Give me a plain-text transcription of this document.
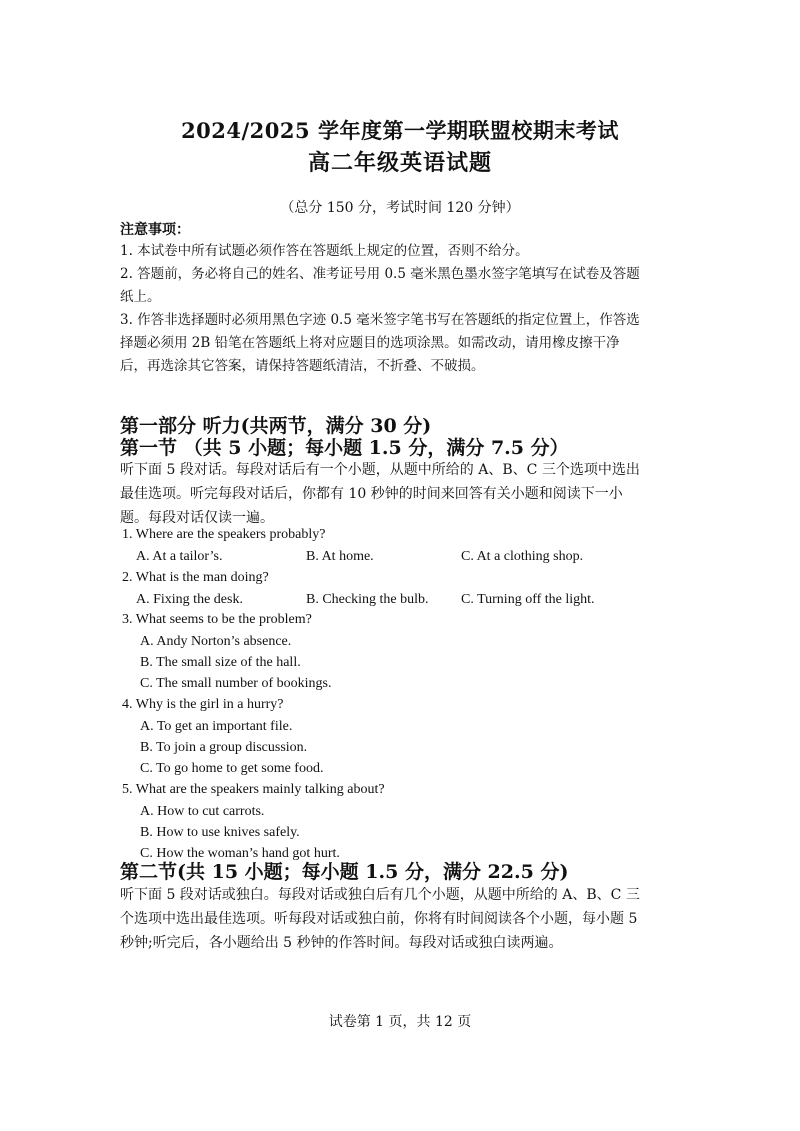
2024/2025 学年度第一学期联盟校期末考试
高二年级英语试题
（总分 150 分，考试时间 120 分钟）
注意事项：
1. 本试卷中所有试题必须作答在答题纸上规定的位置，否则不给分。
2. 答题前，务必将自己的姓名、准考证号用 0.5 毫米黑色墨水签字笔填写在试卷及答题纸上。
3. 作答非选择题时必须用黑色字迹 0.5 毫米签字笔书写在答题纸的指定位置上，作答选择题必须用 2B 铅笔在答题纸上将对应题目的选项涂黑。如需改动，请用橡皮擦干净后，再选涂其它答案，请保持答题纸清洁，不折叠、不破损。
第一部分 听力(共两节，满分 30 分)
第一节 （共 5 小题；每小题 1.5 分，满分 7.5 分）
听下面 5 段对话。每段对话后有一个小题，从题中所给的 A、B、C 三个选项中选出最佳选项。听完每段对话后，你都有 10 秒钟的时间来回答有关小题和阅读下一小题。每段对话仅读一遍。
1. Where are the speakers probably?
A. At a tailor’s.	B. At home.	C. At a clothing shop.
2. What is the man doing?
A. Fixing the desk.	B. Checking the bulb. C. Turning off the light.
3. What seems to be the problem?
A. Andy Norton’s absence.
B. The small size of the hall.
C. The small number of bookings.
4. Why is the girl in a hurry?
A. To get an important file.
B. To join a group discussion.
C. To go home to get some food.
5. What are the speakers mainly talking about?
A. How to cut carrots.
B. How to use knives safely.
C. How the woman’s hand got hurt.
第二节(共 15 小题；每小题 1.5 分，满分 22.5 分)
听下面 5 段对话或独白。每段对话或独白后有几个小题，从题中所给的 A、B、C 三个选项中选出最佳选项。听每段对话或独白前，你将有时间阅读各个小题，每小题 5 秒钟;听完后，各小题给出 5 秒钟的作答时间。每段对话或独白读两遍。
试卷第 1 页，共 12 页
